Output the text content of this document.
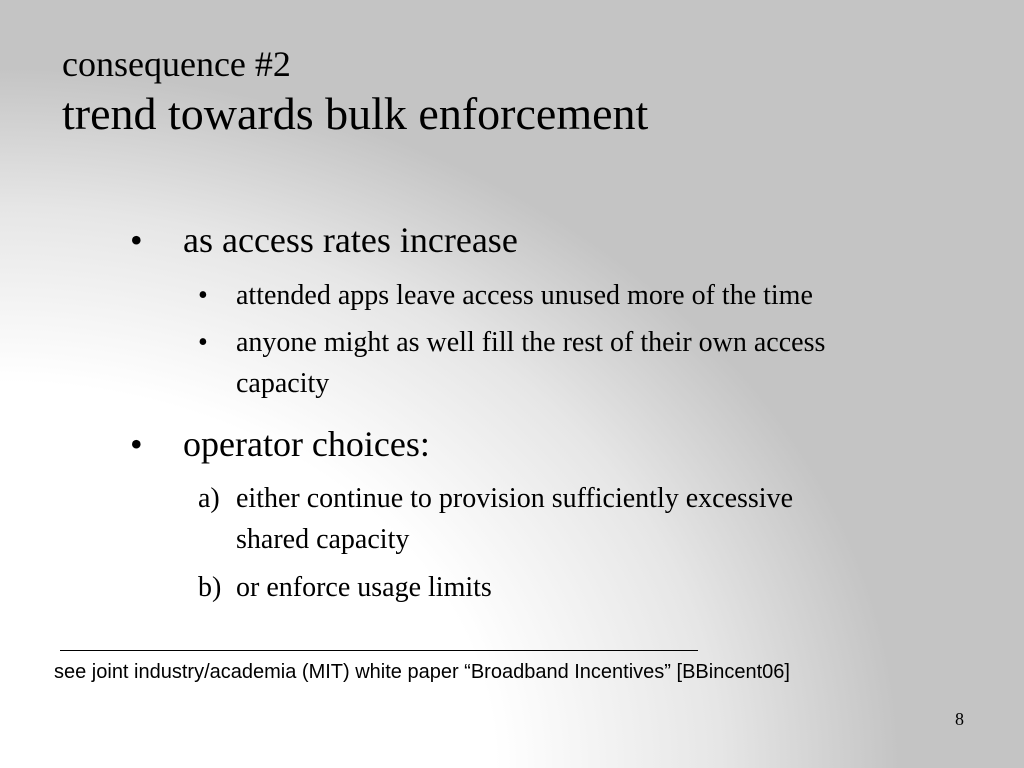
consequence #2
trend towards bulk enforcement
• as access rates increase
• attended apps leave access unused more of the time
• anyone might as well fill the rest of their own access
capacity
• operator choices:
a) either continue to provision sufficiently excessive
shared capacity
b) or enforce usage limits
see joint industry/academia (MIT) white paper “Broadband Incentives” [BBincent06]
8
